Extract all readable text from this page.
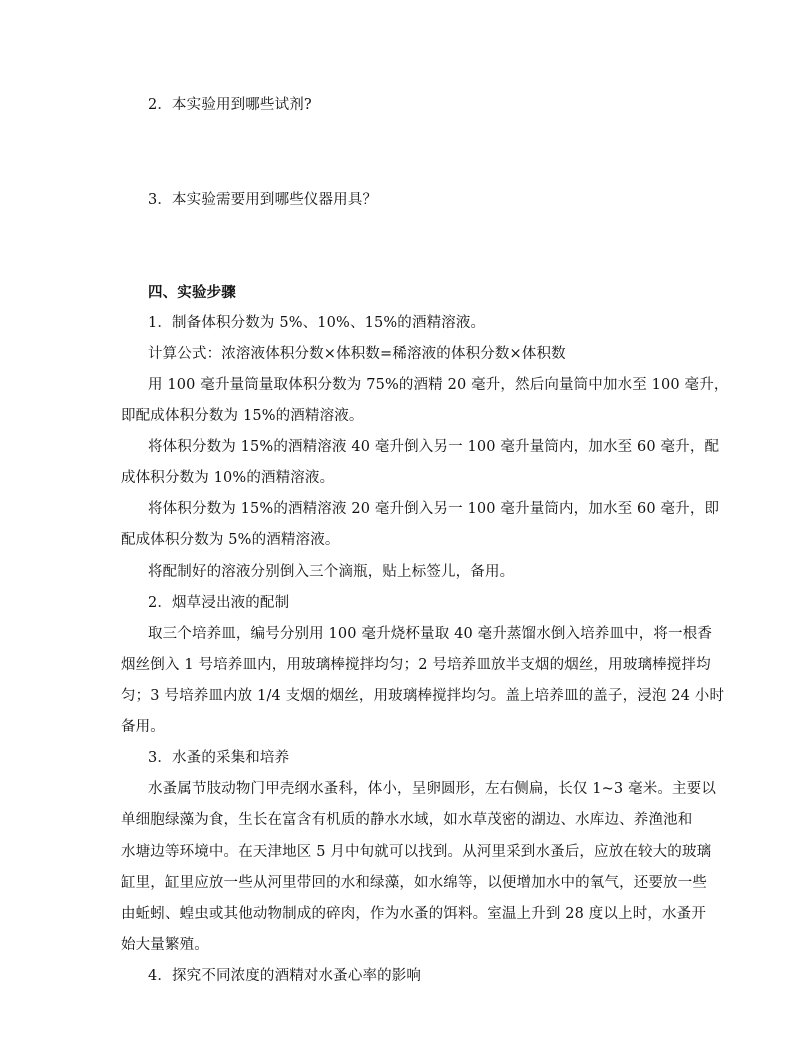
2．本实验用到哪些试剂?
3．本实验需要用到哪些仪器用具？
四、实验步骤
1．制备体积分数为 5%、10%、15%的酒精溶液。
计算公式：浓溶液体积分数×体积数=稀溶液的体积分数×体积数
用 100 毫升量筒量取体积分数为 75%的酒精 20 毫升，然后向量筒中加水至 100 毫升，
即配成体积分数为 15%的酒精溶液。
将体积分数为 15%的酒精溶液 40 毫升倒入另一 100 毫升量筒内，加水至 60 毫升，配
成体积分数为 10%的酒精溶液。
将体积分数为 15%的酒精溶液 20 毫升倒入另一 100 毫升量筒内，加水至 60 毫升，即
配成体积分数为 5%的酒精溶液。
将配制好的溶液分别倒入三个滴瓶，贴上标签儿，备用。
2．烟草浸出液的配制
取三个培养皿，编号分别用 100 毫升烧杯量取 40 毫升蒸馏水倒入培养皿中，将一根香
烟丝倒入 1 号培养皿内，用玻璃棒搅拌均匀；2 号培养皿放半支烟的烟丝，用玻璃棒搅拌均
匀；3 号培养皿内放 1/4 支烟的烟丝，用玻璃棒搅拌均匀。盖上培养皿的盖子，浸泡 24 小时
备用。
3．水蚤的采集和培养
水蚤属节肢动物门甲壳纲水蚤科，体小，呈卵圆形，左右侧扁，长仅 1~3 毫米。主要以
单细胞绿藻为食，生长在富含有机质的静水水域，如水草茂密的湖边、水库边、养渔池和
水塘边等环境中。在天津地区 5 月中旬就可以找到。从河里采到水蚤后，应放在较大的玻璃
缸里，缸里应放一些从河里带回的水和绿藻，如水绵等，以便增加水中的氧气，还要放一些
由蚯蚓、蝗虫或其他动物制成的碎肉，作为水蚤的饵料。室温上升到 28 度以上时，水蚤开
始大量繁殖。
4．探究不同浓度的酒精对水蚤心率的影响
